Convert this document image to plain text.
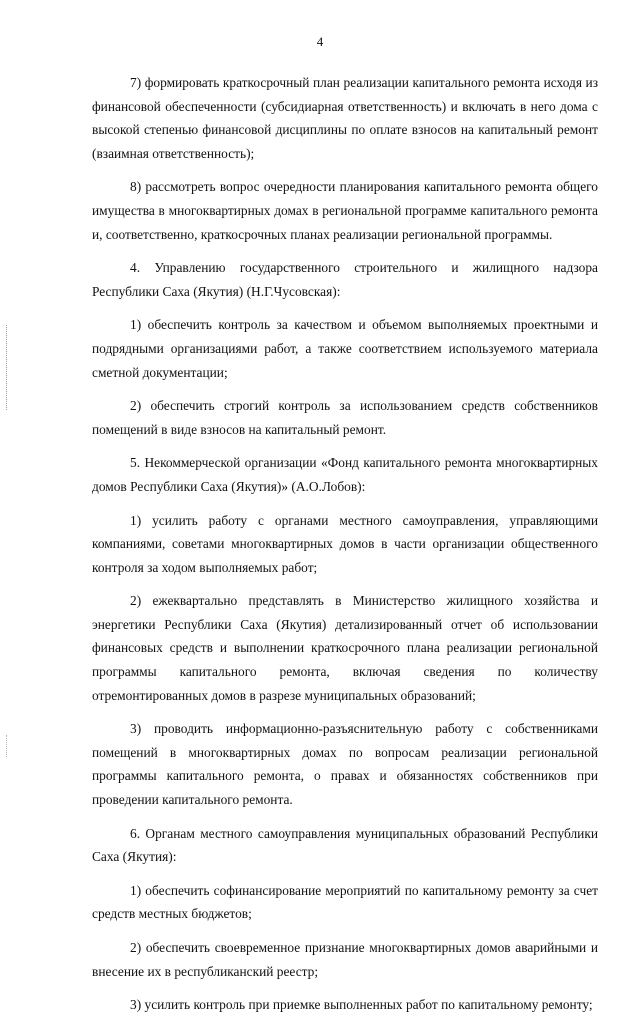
4

7) формировать краткосрочный план реализации капитального ремонта исходя из финансовой обеспеченности (субсидиарная ответственность) и включать в него дома с высокой степенью финансовой дисциплины по оплате взносов на капитальный ремонт (взаимная ответственность);

8) рассмотреть вопрос очередности планирования капитального ремонта общего имущества в многоквартирных домах в региональной программе капитального ремонта и, соответственно, краткосрочных планах реализации региональной программы.

4. Управлению государственного строительного и жилищного надзора Республики Саха (Якутия) (Н.Г.Чусовская):

1) обеспечить контроль за качеством и объемом выполняемых проектными и подрядными организациями работ, а также соответствием используемого материала сметной документации;

2) обеспечить строгий контроль за использованием средств собственников помещений в виде взносов на капитальный ремонт.

5. Некоммерческой организации «Фонд капитального ремонта многоквартирных домов Республики Саха (Якутия)» (А.О.Лобов):

1) усилить работу с органами местного самоуправления, управляющими компаниями, советами многоквартирных домов в части организации общественного контроля за ходом выполняемых работ;

2) ежеквартально представлять в Министерство жилищного хозяйства и энергетики Республики Саха (Якутия) детализированный отчет об использовании финансовых средств и выполнении краткосрочного плана реализации региональной программы капитального ремонта, включая сведения по количеству отремонтированных домов в разрезе муниципальных образований;

3) проводить информационно-разъяснительную работу с собственниками помещений в многоквартирных домах по вопросам реализации региональной программы капитального ремонта, о правах и обязанностях собственников при проведении капитального ремонта.

6. Органам местного самоуправления муниципальных образований Республики Саха (Якутия):

1) обеспечить софинансирование мероприятий по капитальному ремонту за счет средств местных бюджетов;

2) обеспечить своевременное признание многоквартирных домов аварийными и внесение их в республиканский реестр;

3) усилить контроль при приемке выполненных работ по капитальному ремонту;
